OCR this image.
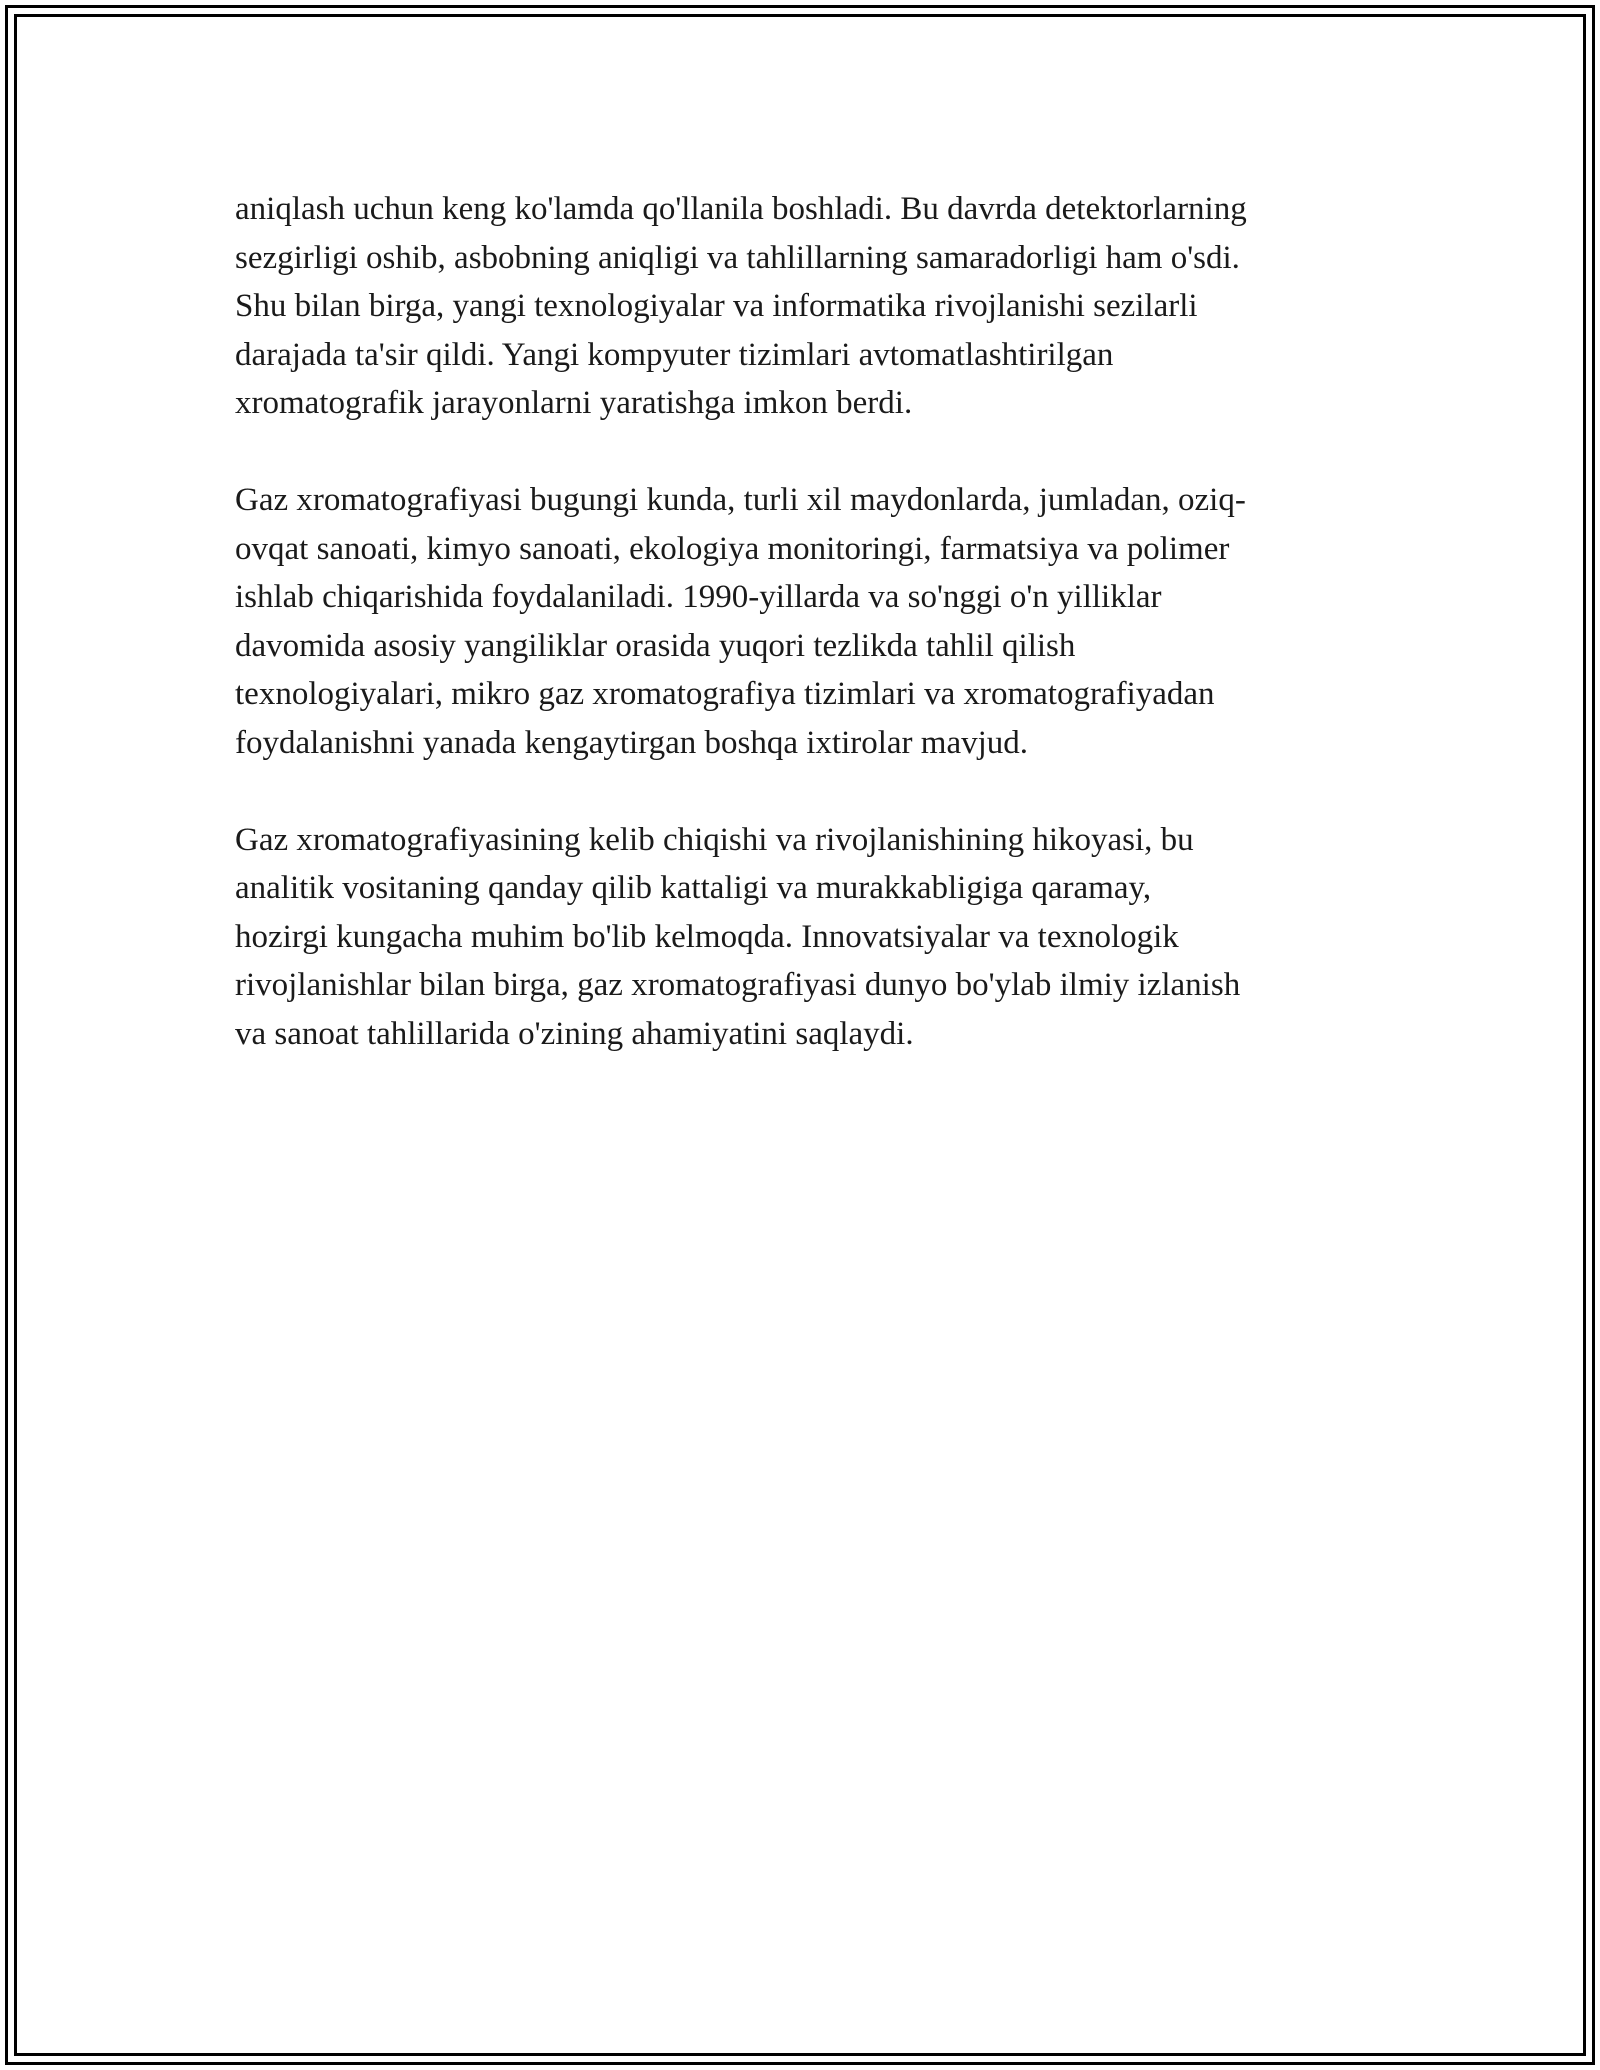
aniqlash uchun keng ko'lamda qo'llanila boshladi. Bu davrda detektorlarning
sezgirligi oshib, asbobning aniqligi va tahlillarning samaradorligi ham o'sdi.
Shu bilan birga, yangi texnologiyalar va informatika rivojlanishi sezilarli
darajada ta'sir qildi. Yangi kompyuter tizimlari avtomatlashtirilgan
xromatografik jarayonlarni yaratishga imkon berdi.

Gaz xromatografiyasi bugungi kunda, turli xil maydonlarda, jumladan, oziq-
ovqat sanoati, kimyo sanoati, ekologiya monitoringi, farmatsiya va polimer
ishlab chiqarishida foydalaniladi. 1990-yillarda va so'nggi o'n yilliklar
davomida asosiy yangiliklar orasida yuqori tezlikda tahlil qilish
texnologiyalari, mikro gaz xromatografiya tizimlari va xromatografiyadan
foydalanishni yanada kengaytirgan boshqa ixtirolar mavjud.

Gaz xromatografiyasining kelib chiqishi va rivojlanishining hikoyasi, bu
analitik vositaning qanday qilib kattaligi va murakkabligiga qaramay,
hozirgi kungacha muhim bo'lib kelmoqda. Innovatsiyalar va texnologik
rivojlanishlar bilan birga, gaz xromatografiyasi dunyo bo'ylab ilmiy izlanish
va sanoat tahlillarida o'zining ahamiyatini saqlaydi.
